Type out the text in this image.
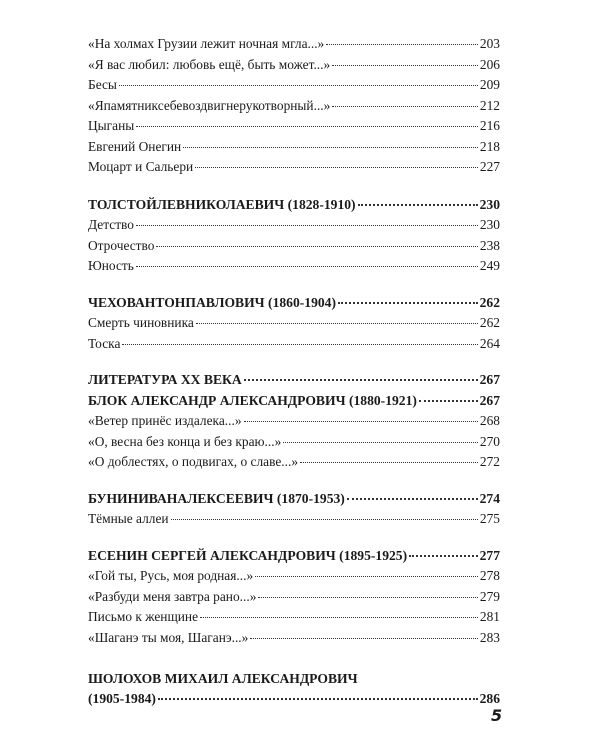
«На холмах Грузии лежит ночная мгла...»	203
«Я вас любил: любовь ещё, быть может...»	206
Бесы	209
«Япамятниксебевоздвигнерукотворный...»	212
Цыганы	216
Евгений Онегин	218
Моцарт и Сальери	227
ТОЛСТОЙЛЕВНИКОЛАЕВИЧ (1828-1910)	230
Детство	230
Отрочество	238
Юность	249
ЧЕХОВАНТОНПАВЛОВИЧ (1860-1904)	262
Смерть чиновника	262
Тоска	264
ЛИТЕРАТУРА XX ВЕКА	267
БЛОК АЛЕКСАНДР АЛЕКСАНДРОВИЧ (1880-1921)	267
«Ветер принёс издалека...»	268
«О, весна без конца и без краю...»	270
«О доблестях, о подвигах, о славе...»	272
БУНИНИВАНАЛЕКСЕЕВИЧ (1870-1953)	274
Тёмные аллеи	275
ЕСЕНИН СЕРГЕЙ АЛЕКСАНДРОВИЧ (1895-1925)	277
«Гой ты, Русь, моя родная...»	278
«Разбуди меня завтра рано...»	279
Письмо к женщине	281
«Шаганэ ты моя, Шаганэ...»	283
ШОЛОХОВ МИХАИЛ АЛЕКСАНДРОВИЧ
(1905-1984)	286
5
